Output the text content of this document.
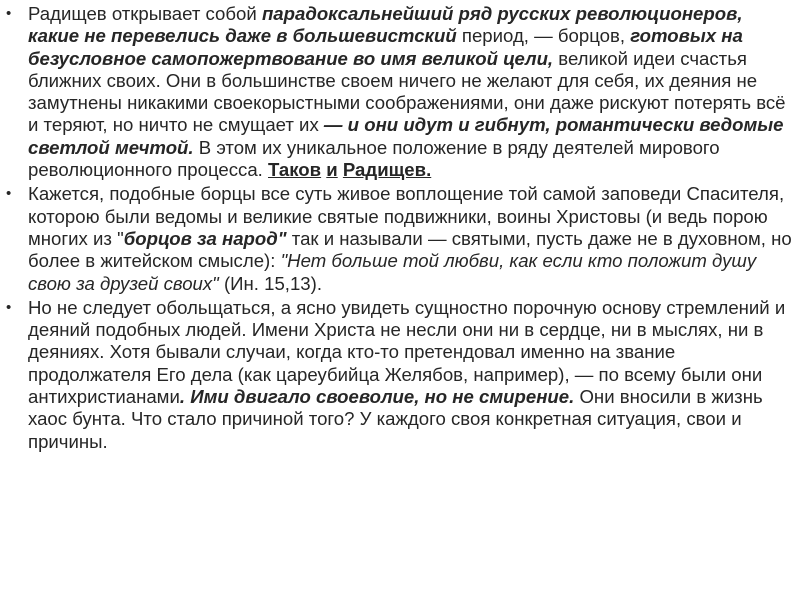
• Радищев открывает собой парадоксальнейший ряд русских революционеров, какие не перевелись даже в большевистский период, — борцов, готовых на безусловное самопожертвование во имя великой цели, великой идеи счастья ближних своих. Они в большинстве своем ничего не желают для себя, их деяния не замутнены никакими своекорыстными соображениями, они даже рискуют потерять всё и теряют, но ничто не смущает их — и они идут и гибнут, романтически ведомые светлой мечтой. В этом их уникальное положение в ряду деятелей мирового революционного процесса. Таков и Радищев.
• Кажется, подобные борцы все суть живое воплощение той самой заповеди Спасителя, которою были ведомы и великие святые подвижники, воины Христовы (и ведь порою многих из "борцов за народ" так и называли — святыми, пусть даже не в духовном, но более в житейском смысле): "Нет больше той любви, как если кто положит душу свою за друзей своих" (Ин. 15,13).
• Но не следует обольщаться, а ясно увидеть сущностно порочную основу стремлений и деяний подобных людей. Имени Христа не несли они ни в сердце, ни в мыслях, ни в деяниях. Хотя бывали случаи, когда кто-то претендовал именно на звание продолжателя Его дела (как цареубийца Желябов, например), — по всему были они антихристианами. Ими двигало своеволие, но не смирение. Они вносили в жизнь хаос бунта. Что стало причиной того? У каждого своя конкретная ситуация, свои и причины.
